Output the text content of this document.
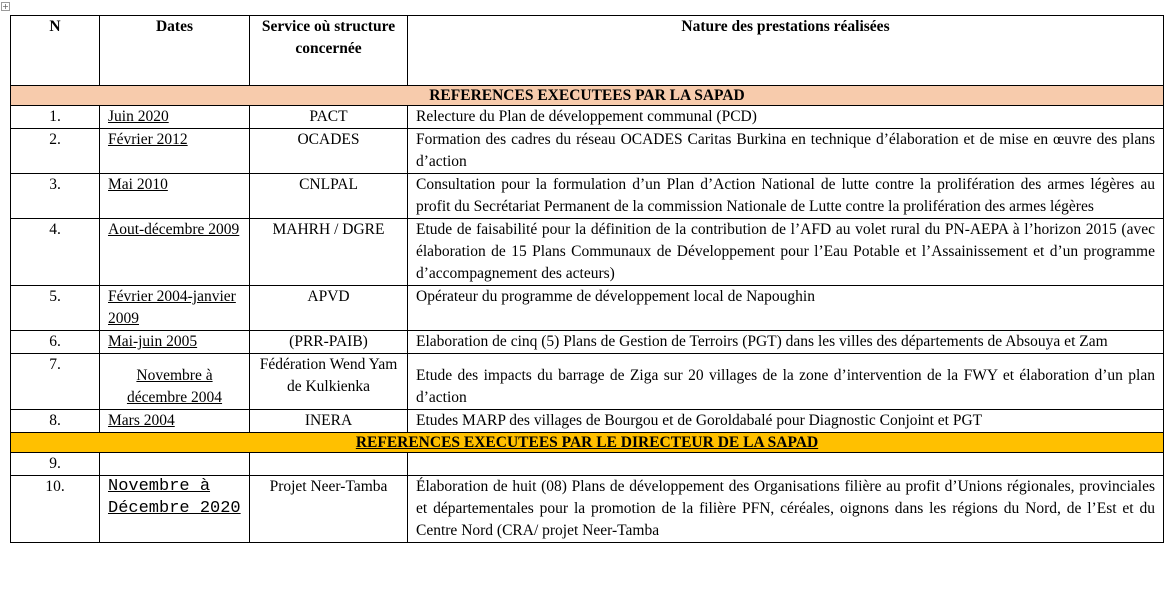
+
N	Dates	Service où structure concernée	Nature des prestations réalisées
REFERENCES EXECUTEES PAR LA SAPAD			
1.	Juin 2020	PACT	Relecture du Plan de développement communal (PCD)
2.	Février 2012	OCADES	Formation des cadres du réseau OCADES Caritas Burkina en technique d’élaboration et de mise en œuvre des plans d’action
3.	Mai 2010	CNLPAL	Consultation pour la formulation d’un Plan d’Action National de lutte contre la prolifération des armes légères au profit du Secrétariat Permanent de la commission Nationale de Lutte contre la prolifération des armes légères
4.	Aout-décembre 2009	MAHRH / DGRE	Etude de faisabilité pour la définition de la contribution de l’AFD au volet rural du PN-AEPA à l’horizon 2015 (avec élaboration de 15 Plans Communaux de Développement pour l’Eau Potable et l’Assainissement et d’un programme d’accompagnement des acteurs)
5.	Février 2004-janvier 2009	APVD	Opérateur du programme de développement local de Napoughin
6.	Mai-juin 2005	(PRR-PAIB)	Elaboration de cinq (5) Plans de Gestion de Terroirs (PGT) dans les villes des départements de Absouya et Zam
7.	Novembre à décembre 2004	Fédération Wend Yam de Kulkienka	Etude des impacts du barrage de Ziga sur 20 villages de la zone d’intervention de la FWY et élaboration d’un plan d’action
8.	Mars 2004	INERA	Etudes MARP des villages de Bourgou et de Goroldabalé pour Diagnostic Conjoint et PGT
REFERENCES EXECUTEES PAR LE DIRECTEUR DE LA SAPAD			
9.			
10.	Novembre à Décembre 2020	Projet Neer-Tamba	Élaboration de huit (08) Plans de développement des Organisations filière au profit d’Unions régionales, provinciales et départementales pour la promotion de la filière PFN, céréales, oignons dans les régions du Nord, de l’Est et du Centre Nord (CRA/ projet Neer-Tamba
